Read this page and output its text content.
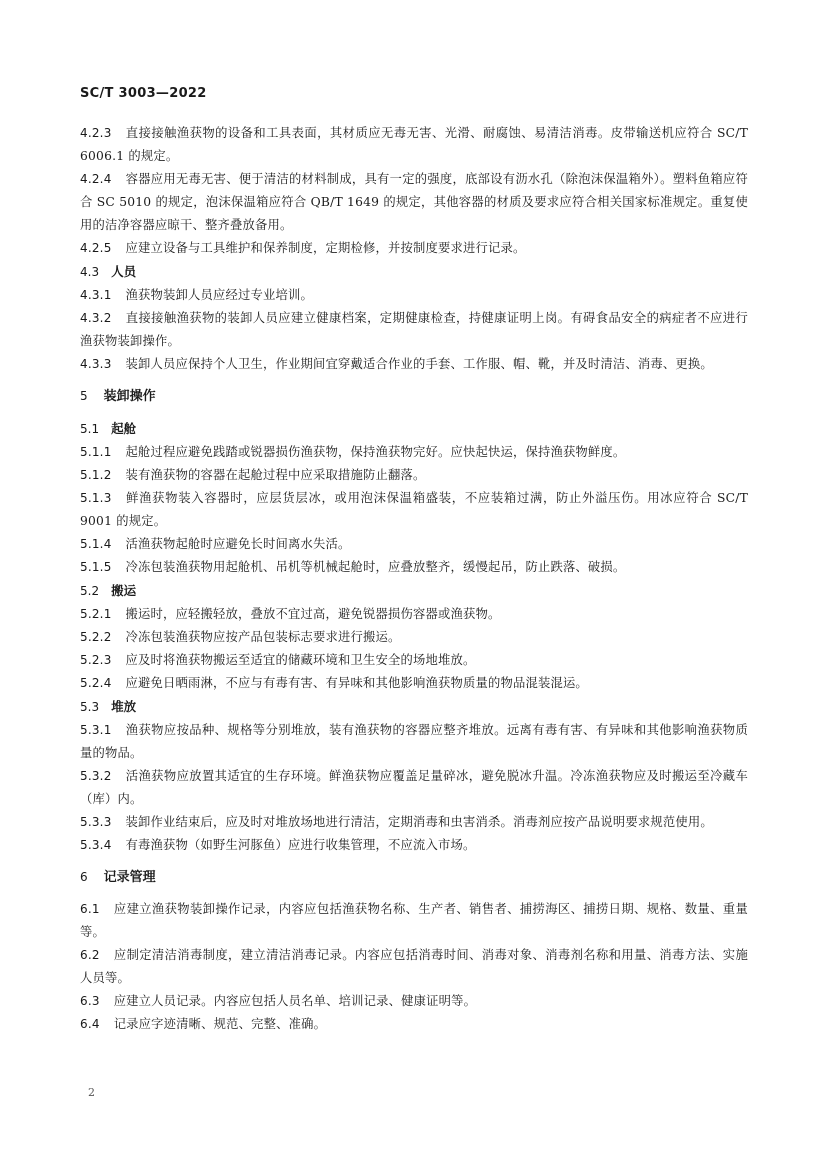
SC/T 3003—2022

4.2.3 直接接触渔获物的设备和工具表面，其材质应无毒无害、光滑、耐腐蚀、易清洁消毒。皮带输送机应符合 SC/T 6006.1 的规定。

4.2.4 容器应用无毒无害、便于清洁的材料制成，具有一定的强度，底部设有沥水孔（除泡沫保温箱外）。塑料鱼箱应符合 SC 5010 的规定，泡沫保温箱应符合 QB/T 1649 的规定，其他容器的材质及要求应符合相关国家标准规定。重复使用的洁净容器应晾干、整齐叠放备用。

4.2.5 应建立设备与工具维护和保养制度，定期检修，并按制度要求进行记录。

4.3 人员

4.3.1 渔获物装卸人员应经过专业培训。

4.3.2 直接接触渔获物的装卸人员应建立健康档案，定期健康检查，持健康证明上岗。有碍食品安全的病症者不应进行渔获物装卸操作。

4.3.3 装卸人员应保持个人卫生，作业期间宜穿戴适合作业的手套、工作服、帽、靴，并及时清洁、消毒、更换。

5 装卸操作

5.1 起舱

5.1.1 起舱过程应避免践踏或锐器损伤渔获物，保持渔获物完好。应快起快运，保持渔获物鲜度。

5.1.2 装有渔获物的容器在起舱过程中应采取措施防止翻落。

5.1.3 鲜渔获物装入容器时，应层货层冰，或用泡沫保温箱盛装，不应装箱过满，防止外溢压伤。用冰应符合 SC/T 9001 的规定。

5.1.4 活渔获物起舱时应避免长时间离水失活。

5.1.5 冷冻包装渔获物用起舱机、吊机等机械起舱时，应叠放整齐，缓慢起吊，防止跌落、破损。

5.2 搬运

5.2.1 搬运时，应轻搬轻放，叠放不宜过高，避免锐器损伤容器或渔获物。

5.2.2 冷冻包装渔获物应按产品包装标志要求进行搬运。

5.2.3 应及时将渔获物搬运至适宜的储藏环境和卫生安全的场地堆放。

5.2.4 应避免日晒雨淋，不应与有毒有害、有异味和其他影响渔获物质量的物品混装混运。

5.3 堆放

5.3.1 渔获物应按品种、规格等分别堆放，装有渔获物的容器应整齐堆放。远离有毒有害、有异味和其他影响渔获物质量的物品。

5.3.2 活渔获物应放置其适宜的生存环境。鲜渔获物应覆盖足量碎冰，避免脱冰升温。冷冻渔获物应及时搬运至冷藏车（库）内。

5.3.3 装卸作业结束后，应及时对堆放场地进行清洁，定期消毒和虫害消杀。消毒剂应按产品说明要求规范使用。

5.3.4 有毒渔获物（如野生河豚鱼）应进行收集管理，不应流入市场。

6 记录管理

6.1 应建立渔获物装卸操作记录，内容应包括渔获物名称、生产者、销售者、捕捞海区、捕捞日期、规格、数量、重量等。

6.2 应制定清洁消毒制度，建立清洁消毒记录。内容应包括消毒时间、消毒对象、消毒剂名称和用量、消毒方法、实施人员等。

6.3 应建立人员记录。内容应包括人员名单、培训记录、健康证明等。

6.4 记录应字迹清晰、规范、完整、准确。

2
